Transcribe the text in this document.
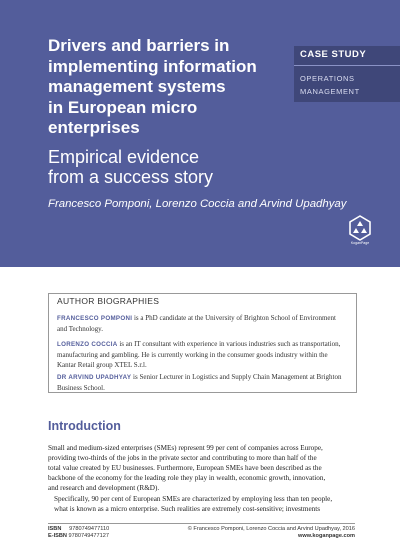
Drivers and barriers in
implementing information
management systems
in European micro
enterprises
Empirical evidence
from a success story
Francesco Pomponi, Lorenzo Coccia and Arvind Upadhyay
CASE STUDY
OPERATIONS
MANAGEMENT
KoganPage
AUTHOR BIOGRAPHIES
FRANCESCO POMPONI is a PhD candidate at the University of Brighton School of Environment
and Technology.
LORENZO COCCIA is an IT consultant with experience in various industries such as transportation,
manufacturing and gambling. He is currently working in the consumer goods industry within the
Kantar Retail group XTEL S.r.l.
DR ARVIND UPADHYAY is Senior Lecturer in Logistics and Supply Chain Management at Brighton
Business School.
Introduction
Small and medium-sized enterprises (SMEs) represent 99 per cent of companies across Europe,
providing two-thirds of the jobs in the private sector and contributing to more than half of the
total value created by EU businesses. Furthermore, European SMEs have been described as the
backbone of the economy for the leading role they play in wealth, economic growth, innovation,
and research and development (R&D).
Specifically, 90 per cent of European SMEs are characterized by employing less than ten people,
what is known as a micro enterprise. Such realities are extremely cost-sensitive; investments
ISBN 9780749477110
E-ISBN 9780749477127
© Francesco Pomponi, Lorenzo Coccia and Arvind Upadhyay, 2016
www.koganpage.com
